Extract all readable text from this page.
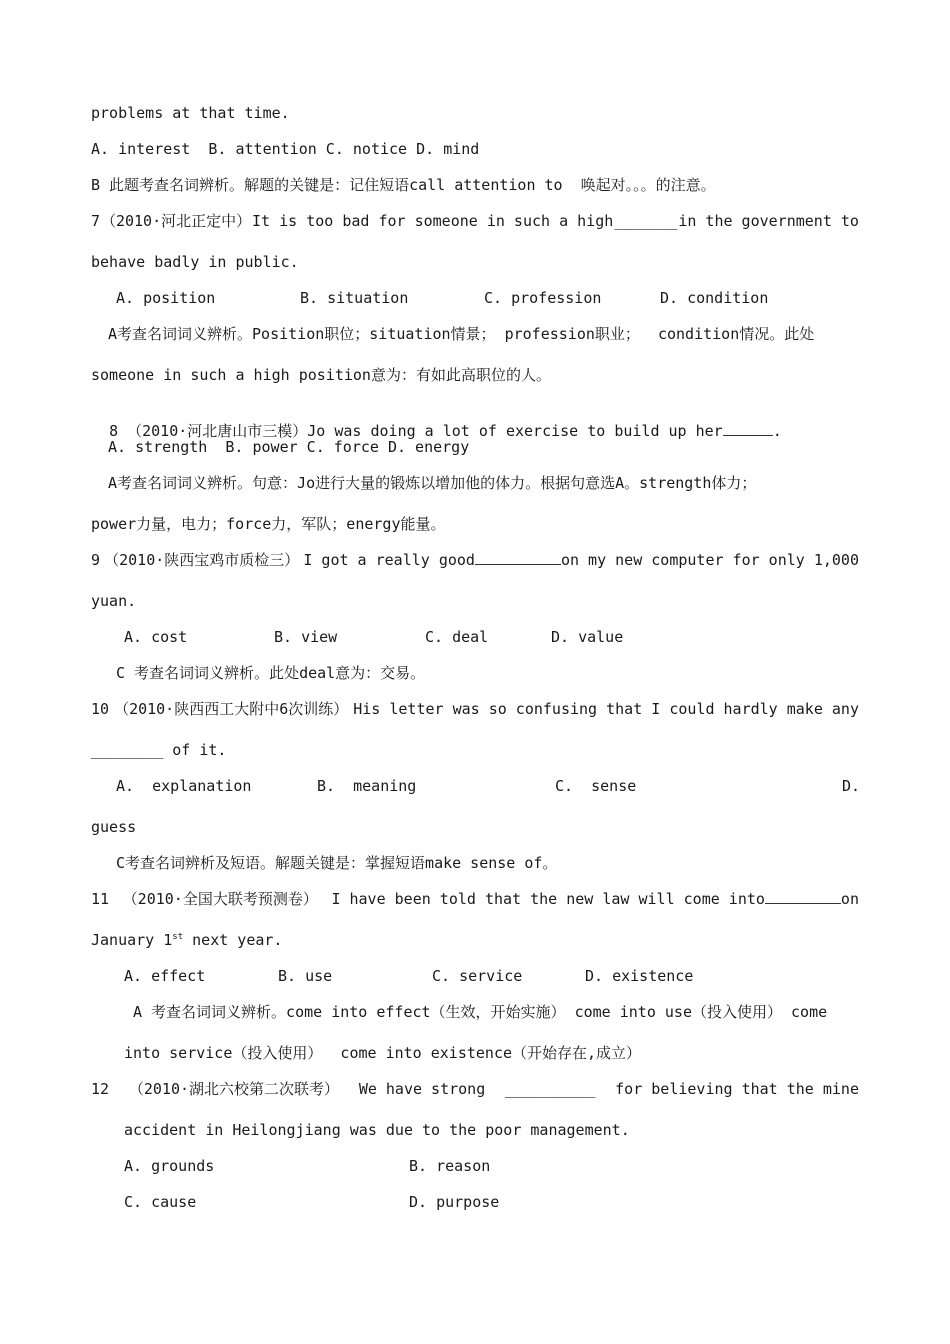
problems at that time.
A. interest  B. attention C. notice D. mind
B 此题考查名词辨析。解题的关键是：记住短语call attention to  唤起对。。。的注意。
7 （2010·河北正定中） It is too bad for someone in such a high _______ in the government to
behave badly in public.
A. position	B. situation	C. profession	D. condition
A考查名词词义辨析。Position职位；situation情景； profession职业；  condition情况。此处
someone in such a high position意为：有如此高职位的人。

8 （2010·河北唐山市三模）Jo was doing a lot of exercise to build up her	.

A. strength  B. power C. force D. energy
A考查名词词义辨析。句意：Jo进行大量的锻炼以增加他的体力。根据句意选A。strength体力；
power力量，电力；force力，军队；energy能量。
9 （2010·陕西宝鸡市质检三） I got a really good	on my new computer for only 1,000
yuan.
A. cost	B. view	C. deal	D. value
C 考查名词词义辨析。此处deal意为：交易。
10 （2010·陕西西工大附中6次训练） His letter was so confusing that I could hardly make any
________ of it.
A.  explanation	B.  meaning	C.  sense	D.
guess
C考查名词辨析及短语。解题关键是：掌握短语make sense of。
11 （2010·全国大联考预测卷） I have been told that the new law will come into	on
January 1st next year.
A. effect	B. use	C. service	D. existence
A 考查名词词义辨析。come into effect（生效，开始实施） come into use（投入使用） come
into service（投入使用）  come into existence（开始存在,成立）
12 （2010·湖北六校第二次联考） We have strong __________ for believing that the mine
accident in Heilongjiang was due to the poor management.
A. grounds	B. reason
C. cause	D. purpose
